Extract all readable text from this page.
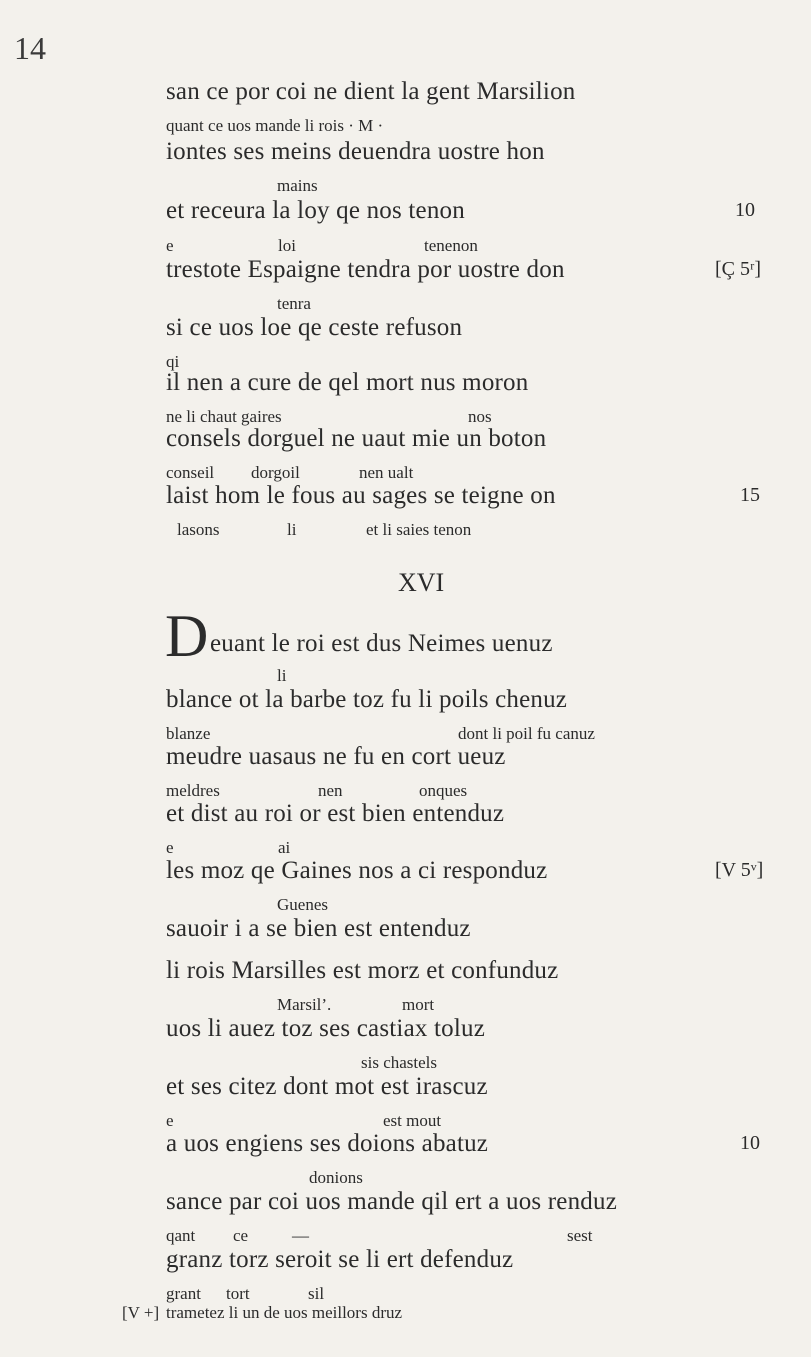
14
san ce por coi ne dient la gent Marsilion
quant ce uos mande li rois · M ·
iontes ses meins deuendra uostre hon
mains
et receura la loy qe nos tenon	10
e	loi	tenenon
trestote Espaigne tendra por uostre don	[Ç 5ʳ]
tenra
si ce uos loe qe ceste refuson
qi
il nen a cure de qel mort nus moron
ne li chaut gaires	nos
consels dorguel ne uaut mie un boton
conseil dorgoil	nen ualt
laist hom le fous au sages se teigne on	15
lasons	li	et li saies tenon
XVI
D euant le roi est dus Neimes uenuz
li
blance ot la barbe toz fu li poils chenuz
blanze	dont li poil fu canuz
meudre uasaus ne fu en cort ueuz
meldres	nen	onques
et dist au roi or est bien entenduz
e	ai
les moz qe Gaines nos a ci responduz	[V 5ᵛ]
Guenes
sauoir i a se bien est entenduz
li rois Marsilles est morz et confunduz
Marsil’.	mort
uos li auez toz ses castiax toluz
sis chastels
et ses citez dont mot est irascuz
e	est mout
a uos engiens ses doions abatuz	10
donions
sance par coi uos mande qil ert a uos renduz
qant ce	—	sest
granz torz seroit se li ert defenduz
grant tort	sil
[V +] trametez li un de uos meillors druz
